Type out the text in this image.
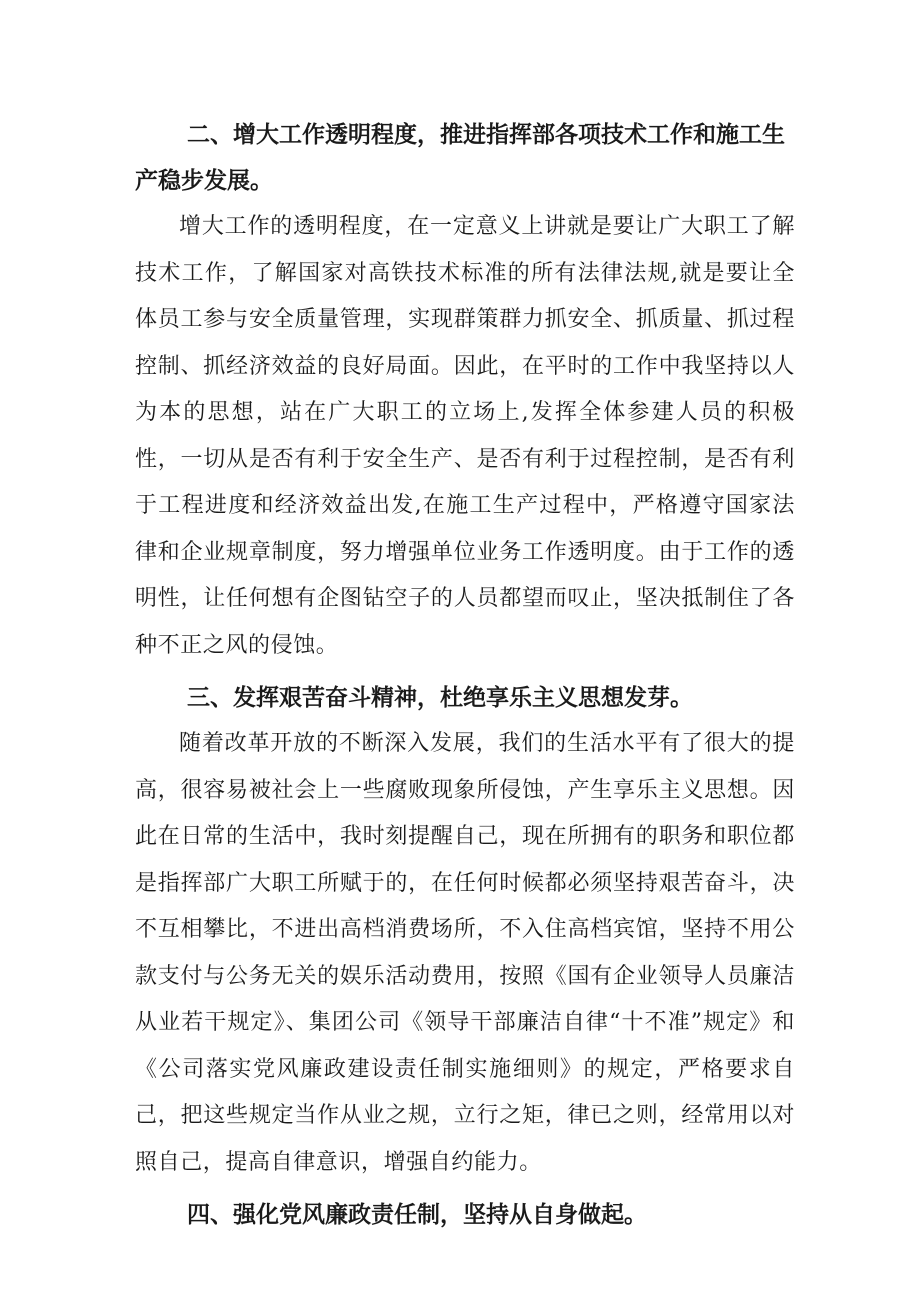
二、增大工作透明程度，推进指挥部各项技术工作和施工生产稳步发展。

增大工作的透明程度，在一定意义上讲就是要让广大职工了解技术工作，了解国家对高铁技术标准的所有法律法规,就是要让全体员工参与安全质量管理，实现群策群力抓安全、抓质量、抓过程控制、抓经济效益的良好局面。因此，在平时的工作中我坚持以人为本的思想，站在广大职工的立场上,发挥全体参建人员的积极性，一切从是否有利于安全生产、是否有利于过程控制，是否有利于工程进度和经济效益出发,在施工生产过程中，严格遵守国家法律和企业规章制度，努力增强单位业务工作透明度。由于工作的透明性，让任何想有企图钻空子的人员都望而叹止，坚决抵制住了各种不正之风的侵蚀。

三、发挥艰苦奋斗精神，杜绝享乐主义思想发芽。

随着改革开放的不断深入发展，我们的生活水平有了很大的提高，很容易被社会上一些腐败现象所侵蚀，产生享乐主义思想。因此在日常的生活中，我时刻提醒自己，现在所拥有的职务和职位都是指挥部广大职工所赋于的，在任何时候都必须坚持艰苦奋斗，决不互相攀比，不进出高档消费场所，不入住高档宾馆，坚持不用公款支付与公务无关的娱乐活动费用，按照《国有企业领导人员廉洁从业若干规定》、集团公司《领导干部廉洁自律“十不准”规定》和《公司落实党风廉政建设责任制实施细则》的规定，严格要求自己，把这些规定当作从业之规，立行之矩，律已之则，经常用以对照自己，提高自律意识，增强自约能力。

四、强化党风廉政责任制，坚持从自身做起。
